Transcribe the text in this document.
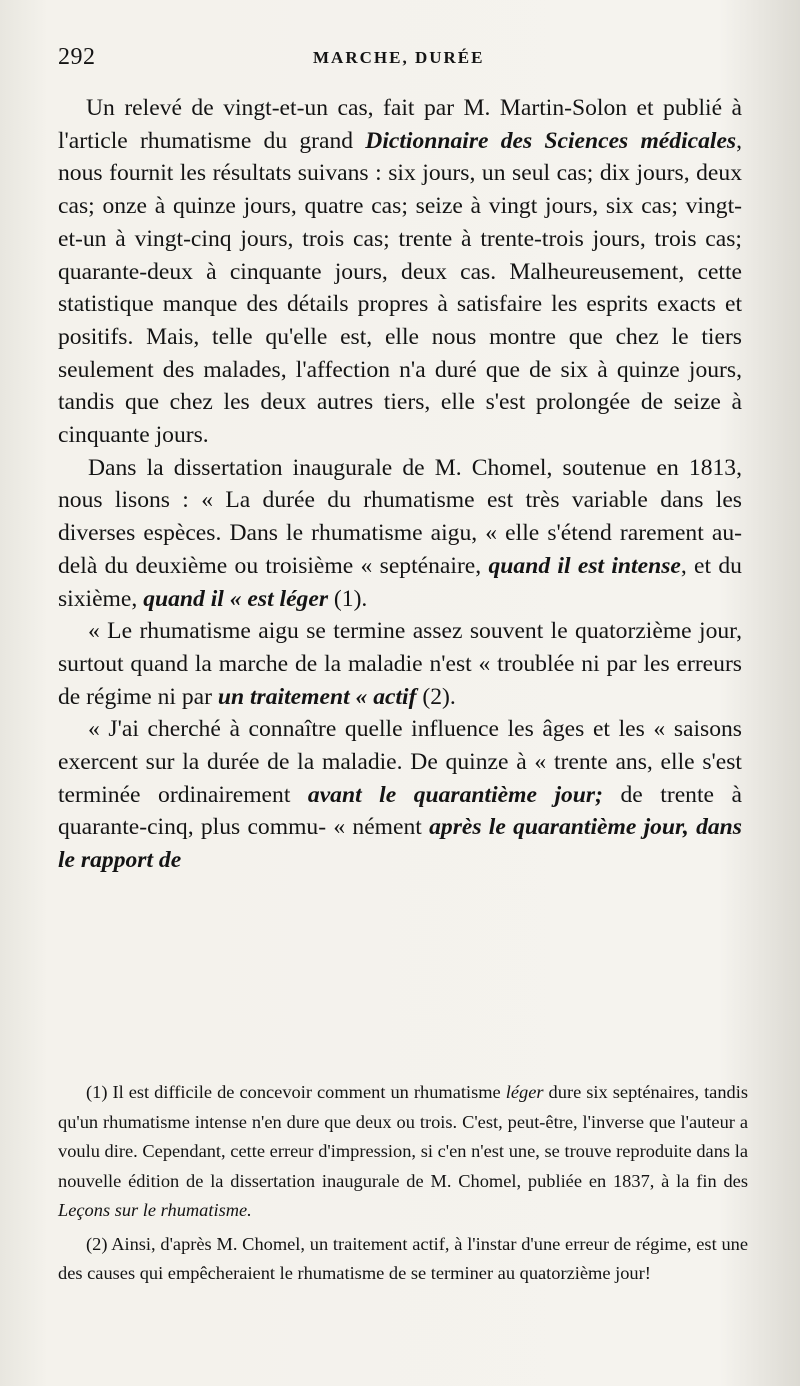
292	MARCHE, DURÉE

Un relevé de vingt-et-un cas, fait par M. Martin-Solon et publié à l'article rhumatisme du grand Dictionnaire des Sciences médicales, nous fournit les résultats suivans : six jours, un seul cas; dix jours, deux cas; onze à quinze jours, quatre cas; seize à vingt jours, six cas; vingt-et-un à vingt-cinq jours, trois cas; trente à trente-trois jours, trois cas; quarante-deux à cinquante jours, deux cas. Malheureusement, cette statistique manque des détails propres à satisfaire les esprits exacts et positifs. Mais, telle qu'elle est, elle nous montre que chez le tiers seulement des malades, l'affection n'a duré que de six à quinze jours, tandis que chez les deux autres tiers, elle s'est prolongée de seize à cinquante jours.

Dans la dissertation inaugurale de M. Chomel, soutenue en 1813, nous lisons : « La durée du rhumatisme est très variable dans les diverses espèces. Dans le rhumatisme aigu, « elle s'étend rarement au-delà du deuxième ou troisième « septénaire, quand il est intense, et du sixième, quand il « est léger (1).

« Le rhumatisme aigu se termine assez souvent le quatorzième jour, surtout quand la marche de la maladie n'est « troublée ni par les erreurs de régime ni par un traitement « actif (2).

« J'ai cherché à connaître quelle influence les âges et les « saisons exercent sur la durée de la maladie. De quinze à « trente ans, elle s'est terminée ordinairement avant le quarantième jour; de trente à quarante-cinq, plus commu- « nément après le quarantième jour, dans le rapport de

(1) Il est difficile de concevoir comment un rhumatisme léger dure six septénaires, tandis qu'un rhumatisme intense n'en dure que deux ou trois. C'est, peut-être, l'inverse que l'auteur a voulu dire. Cependant, cette erreur d'impression, si c'en n'est une, se trouve reproduite dans la nouvelle édition de la dissertation inaugurale de M. Chomel, publiée en 1837, à la fin des Leçons sur le rhumatisme.

(2) Ainsi, d'après M. Chomel, un traitement actif, à l'instar d'une erreur de régime, est une des causes qui empêcheraient le rhumatisme de se terminer au quatorzième jour!
